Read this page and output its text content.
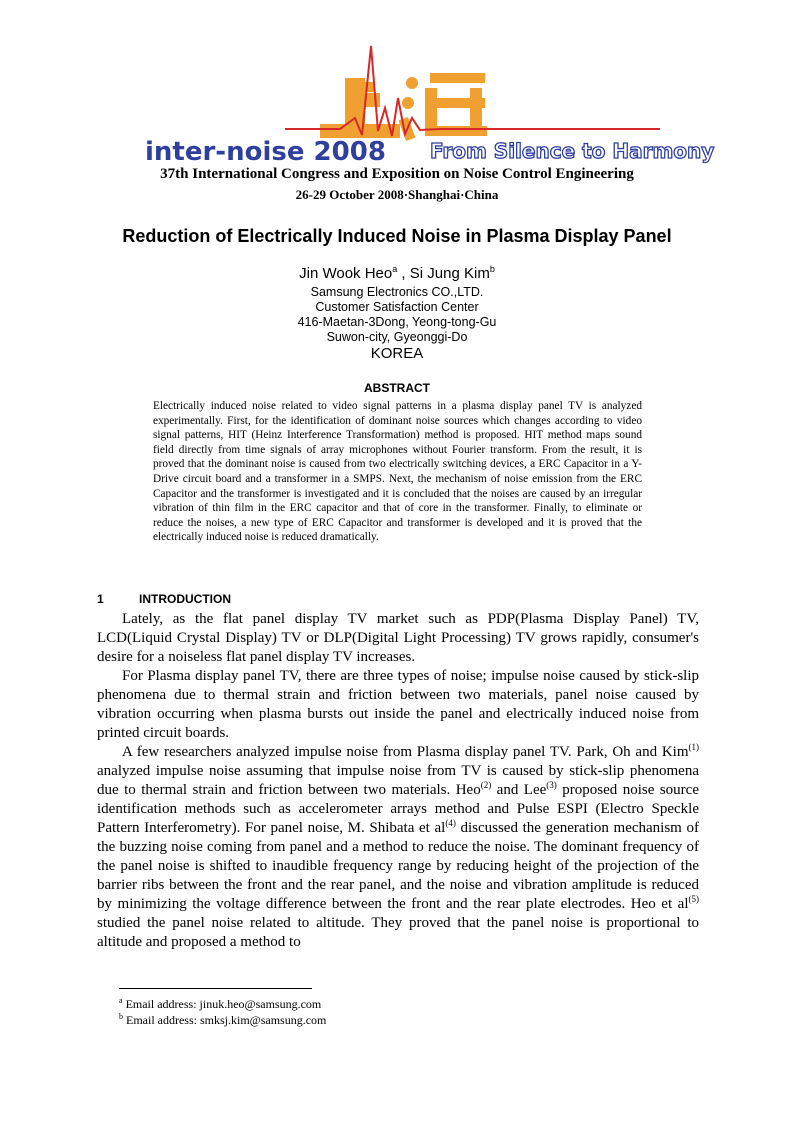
inter-noise 2008 From Silence to Harmony
37th International Congress and Exposition on Noise Control Engineering
26-29 October 2008·Shanghai·China
Reduction of Electrically Induced Noise in Plasma Display Panel
Jin Wook Heo$^a$ , Si Jung Kim$^b$
Samsung Electronics CO.,LTD.
Customer Satisfaction Center
416-Maetan-3Dong, Yeong-tong-Gu
Suwon-city, Gyeonggi-Do
KOREA
ABSTRACT

Electrically induced noise related to video signal patterns in a plasma display panel TV is analyzed experimentally. First, for the identification of dominant noise sources which changes according to video signal patterns, HIT (Heinz Interference Transformation) method is proposed. HIT method maps sound field directly from time signals of array microphones without Fourier transform. From the result, it is proved that the dominant noise is caused from two electrically switching devices, a ERC Capacitor in a Y-Drive circuit board and a transformer in a SMPS. Next, the mechanism of noise emission from the ERC Capacitor and the transformer is investigated and it is concluded that the noises are caused by an irregular vibration of thin film in the ERC capacitor and that of core in the transformer. Finally, to eliminate or reduce the noises, a new type of ERC Capacitor and transformer is developed and it is proved that the electrically induced noise is reduced dramatically.

1	INTRODUCTION

Lately, as the flat panel display TV market such as PDP(Plasma Display Panel) TV, LCD(Liquid Crystal Display) TV or DLP(Digital Light Processing) TV grows rapidly, consumer's desire for a noiseless flat panel display TV increases.

For Plasma display panel TV, there are three types of noise; impulse noise caused by stick-slip phenomena due to thermal strain and friction between two materials, panel noise caused by vibration occurring when plasma bursts out inside the panel and electrically induced noise from printed circuit boards.

A few researchers analyzed impulse noise from Plasma display panel TV. Park, Oh and Kim$^{(1)}$ analyzed impulse noise assuming that impulse noise from TV is caused by stick-slip phenomena due to thermal strain and friction between two materials. Heo$^{(2)}$ and Lee$^{(3)}$ proposed noise source identification methods such as accelerometer arrays method and Pulse ESPI (Electro Speckle Pattern Interferometry). For panel noise, M. Shibata et $al^{(4)}$ discussed the generation mechanism of the buzzing noise coming from panel and a method to reduce the noise. The dominant frequency of the panel noise is shifted to inaudible frequency range by reducing height of the projection of the barrier ribs between the front and the rear panel, and the noise and vibration amplitude is reduced by minimizing the voltage difference between the front and the rear plate electrodes. Heo et $al^{(5)}$ studied the panel noise related to altitude. They proved that the panel noise is proportional to altitude and proposed a method to

$^a$ Email address: jinuk.heo@samsung.com
$^b$ Email address: smksj.kim@samsung.com
